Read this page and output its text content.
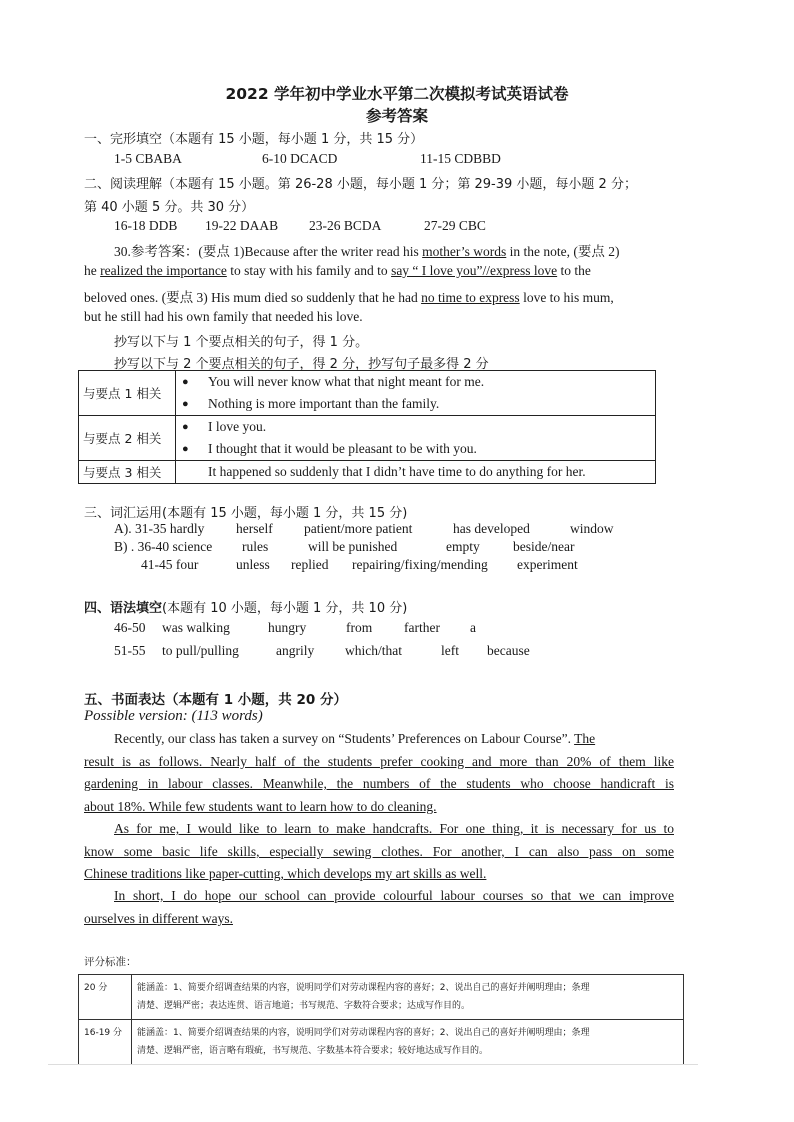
2022 学年初中学业水平第二次模拟考试英语试卷
参考答案
一、完形填空（本题有 15 小题，每小题 1 分，共 15 分）
1-5 CBABA	6-10 DCACD	11-15 CDBBD
二、阅读理解（本题有 15 小题。第 26-28 小题，每小题 1 分；第 29-39 小题，每小题 2 分；
第 40 小题 5 分。共 30 分）
16-18 DDB 19-22 DAAB 23-26 BCDA	27-29 CBC
30.参考答案：(要点 1)Because after the writer read his mother’s words in the note, (要点 2)
he realized the importance to stay with his family and to say “ I love you”//express love to the
beloved ones. (要点 3) His mum died so suddenly that he had no time to express love to his mum,
but he still had his own family that needed his love.
抄写以下与 1 个要点相关的句子，得 1 分。
抄写以下与 2 个要点相关的句子，得 2 分，抄写句子最多得 2 分
与要点 1 相关	● You will never know what that night meant for me.
● Nothing is more important than the family.

与要点 2 相关	● I love you.
● I thought that it would be pleasant to be with you.

与要点 3 相关	It happened so suddenly that I didn’t have time to do anything for her.
三、词汇运用(本题有 15 小题，每小题 1 分，共 15 分)
A). 31-35 hardly herself patient/more patient	has developed	window
B) . 36-40 science rules	will be punished	empty beside/near
41-45 four	unless replied repairing/fixing/mending experiment
四、语法填空(本题有 10 小题，每小题 1 分，共 10 分)
46-50 was walking	hungry	from farther a
51-55 to pull/pulling	angrily which/that	left because
五、书面表达（本题有 1 小题，共 20 分）
Possible version: (113 words)
Recently, our class has taken a survey on “Students’ Preferences on Labour Course”. The
result is as follows. Nearly half of the students prefer cooking and more than 20% of them like
gardening in labour classes. Meanwhile, the numbers of the students who choose handicraft is
about 18%. While few students want to learn how to do cleaning.
As for me, I would like to learn to make handcrafts. For one thing, it is necessary for us to
know some basic life skills, especially sewing clothes. For another, I can also pass on some
Chinese traditions like paper-cutting, which develops my art skills as well.
In short, I do hope our school can provide colourful labour courses so that we can improve
ourselves in different ways.
评分标准：
20 分	能涵盖：1、简要介绍调查结果的内容，说明同学们对劳动课程内容的喜好；2、说出自己的喜好并阐明理由；条理
清楚、逻辑严密；表达连贯、语言地道；书写规范、字数符合要求；达成写作目的。

16-19 分	能涵盖：1、简要介绍调查结果的内容，说明同学们对劳动课程内容的喜好；2、说出自己的喜好并阐明理由；条理
清楚、逻辑严密，语言略有瑕疵，书写规范、字数基本符合要求；较好地达成写作目的。
